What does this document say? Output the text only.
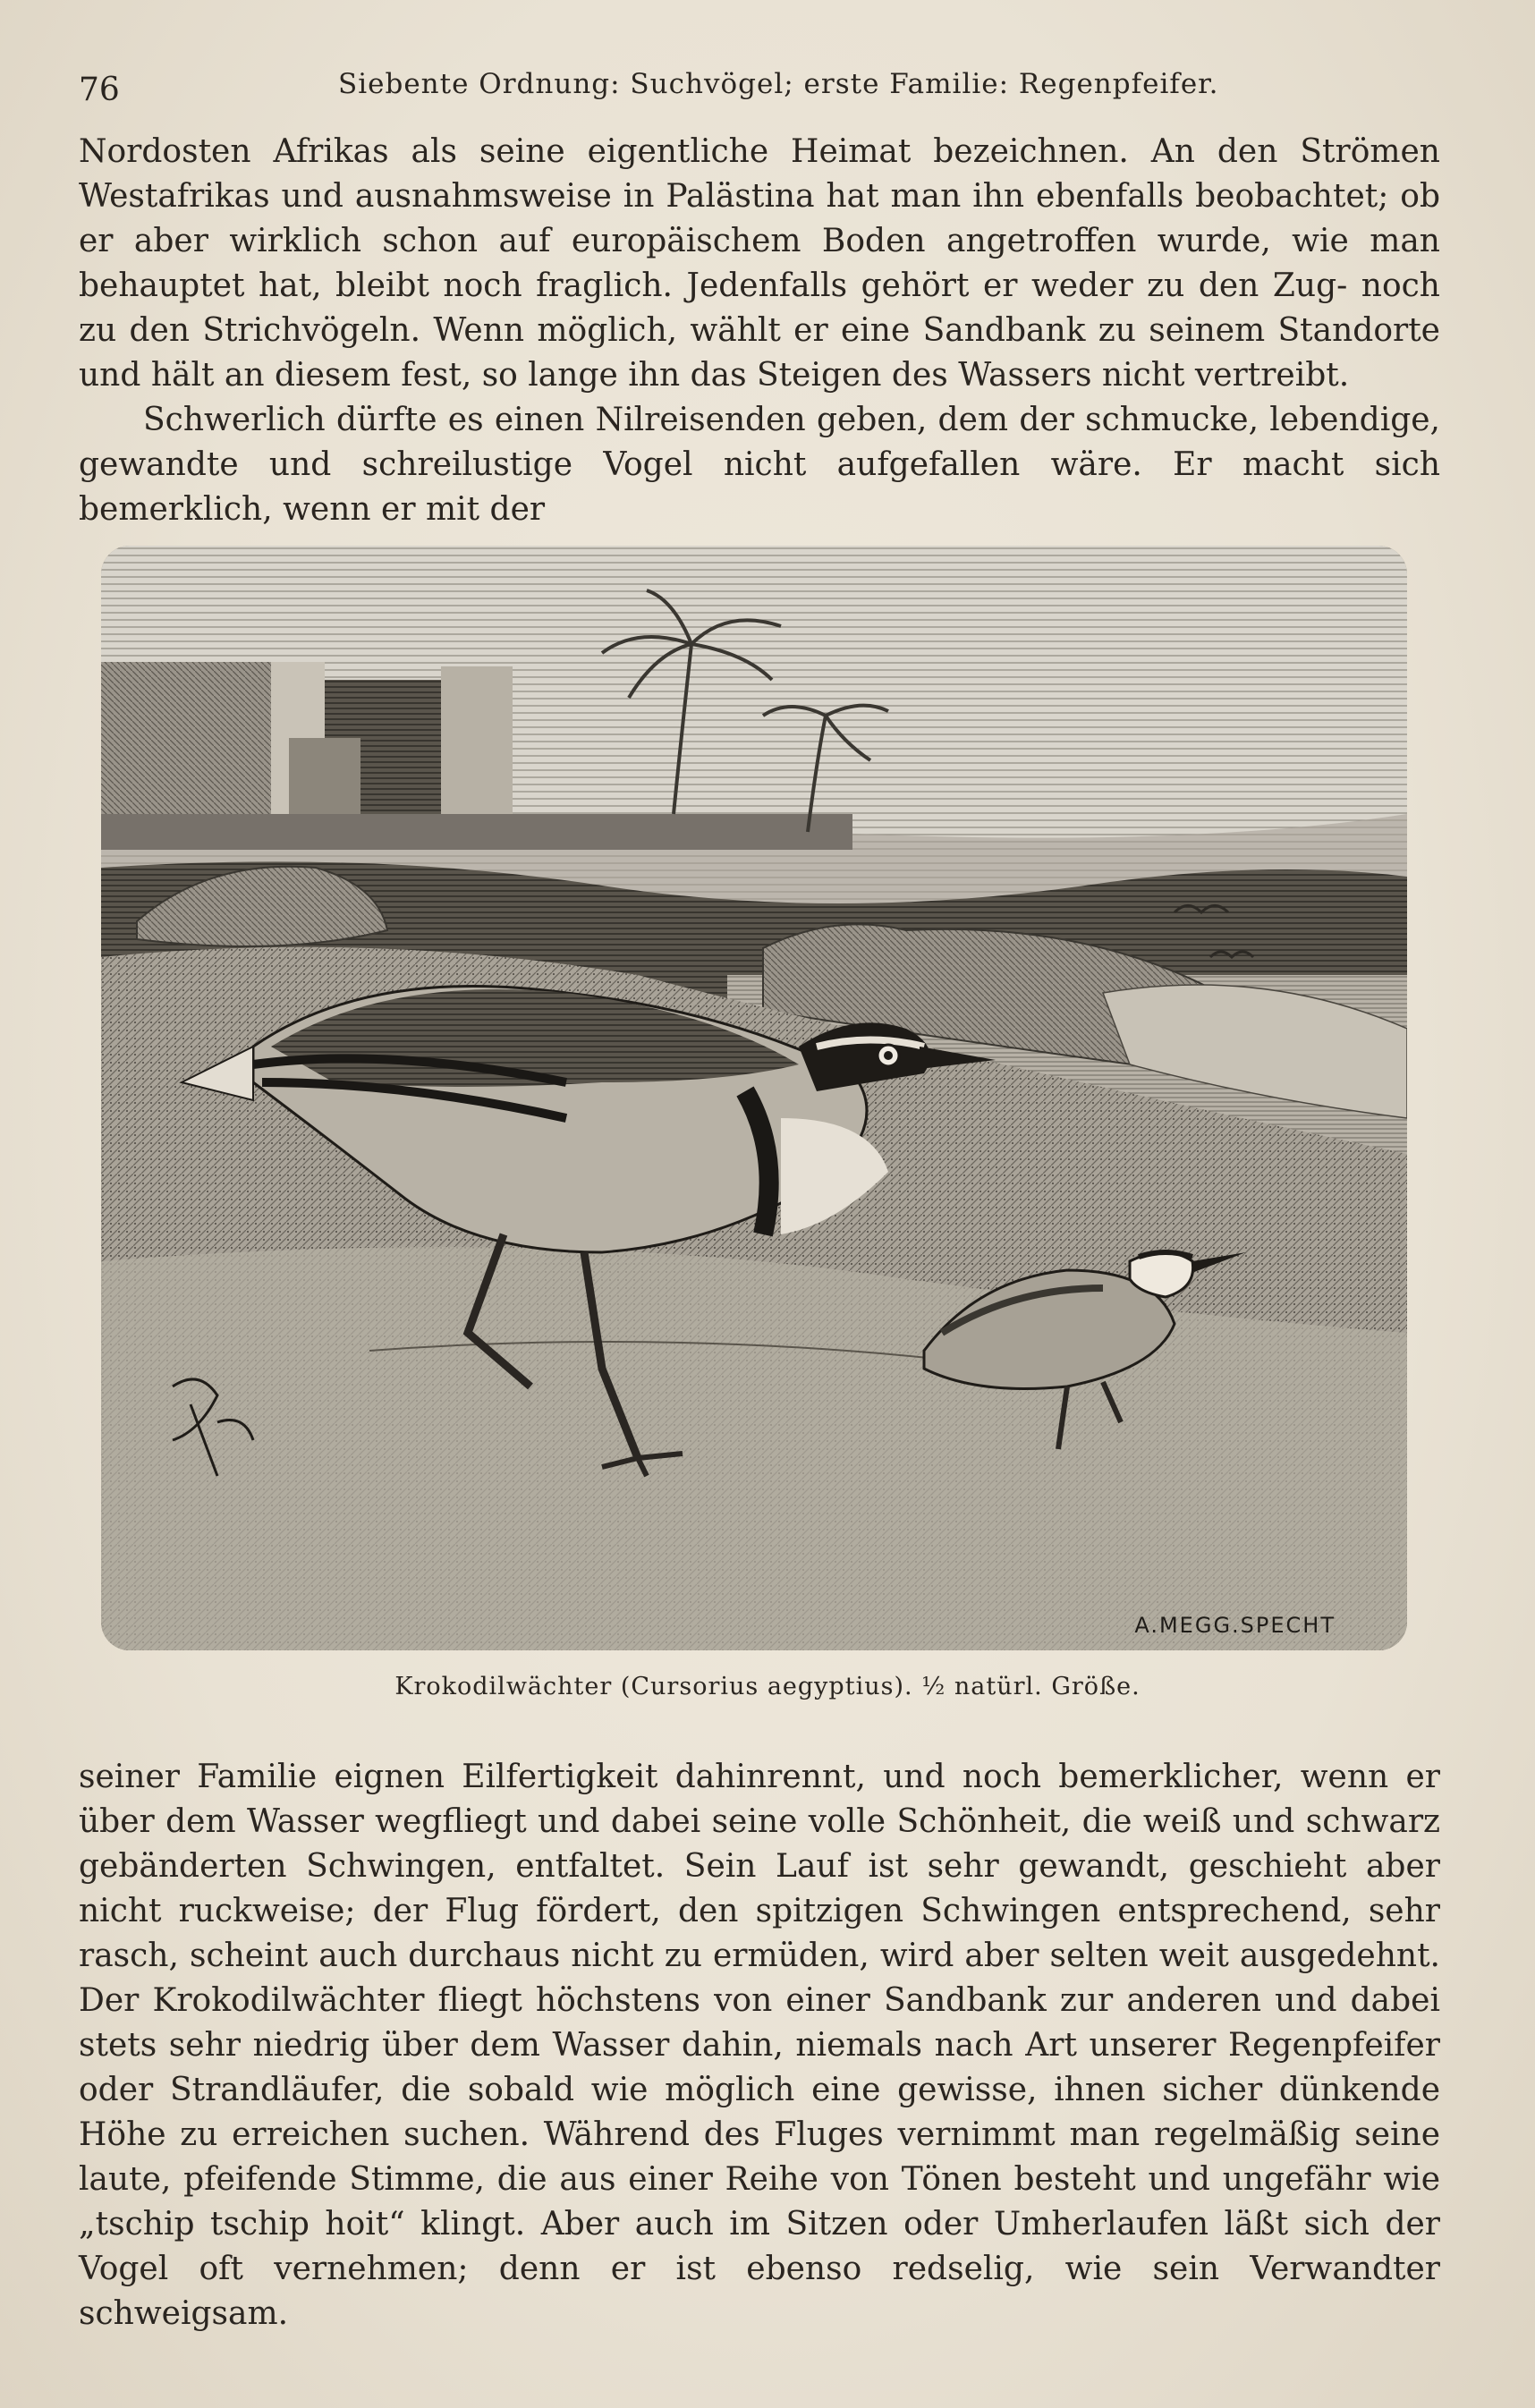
76	Siebente Ordnung: Suchvögel; erste Familie: Regenpfeifer.

Nordosten Afrikas als seine eigentliche Heimat bezeichnen. An den Strömen Westafrikas und ausnahmsweise in Palästina hat man ihn ebenfalls beobachtet; ob er aber wirklich schon auf europäischem Boden angetroffen wurde, wie man behauptet hat, bleibt noch fraglich. Jedenfalls gehört er weder zu den Zug- noch zu den Strichvögeln. Wenn möglich, wählt er eine Sandbank zu seinem Standorte und hält an diesem fest, so lange ihn das Steigen des Wassers nicht vertreibt.

Schwerlich dürfte es einen Nilreisenden geben, dem der schmucke, lebendige, gewandte und schreilustige Vogel nicht aufgefallen wäre. Er macht sich bemerklich, wenn er mit der

A.MEGG.SPECHT
Krokodilwächter (Cursorius aegyptius). ½ natürl. Größe.

seiner Familie eignen Eilfertigkeit dahinrennt, und noch bemerklicher, wenn er über dem Wasser wegfliegt und dabei seine volle Schönheit, die weiß und schwarz gebänderten Schwingen, entfaltet. Sein Lauf ist sehr gewandt, geschieht aber nicht ruckweise; der Flug fördert, den spitzigen Schwingen entsprechend, sehr rasch, scheint auch durchaus nicht zu ermüden, wird aber selten weit ausgedehnt. Der Krokodilwächter fliegt höchstens von einer Sandbank zur anderen und dabei stets sehr niedrig über dem Wasser dahin, niemals nach Art unserer Regenpfeifer oder Strandläufer, die sobald wie möglich eine gewisse, ihnen sicher dünkende Höhe zu erreichen suchen. Während des Fluges vernimmt man regelmäßig seine laute, pfeifende Stimme, die aus einer Reihe von Tönen besteht und ungefähr wie „tschip tschip hoit“ klingt. Aber auch im Sitzen oder Umherlaufen läßt sich der Vogel oft vernehmen; denn er ist ebenso redselig, wie sein Verwandter schweigsam.
